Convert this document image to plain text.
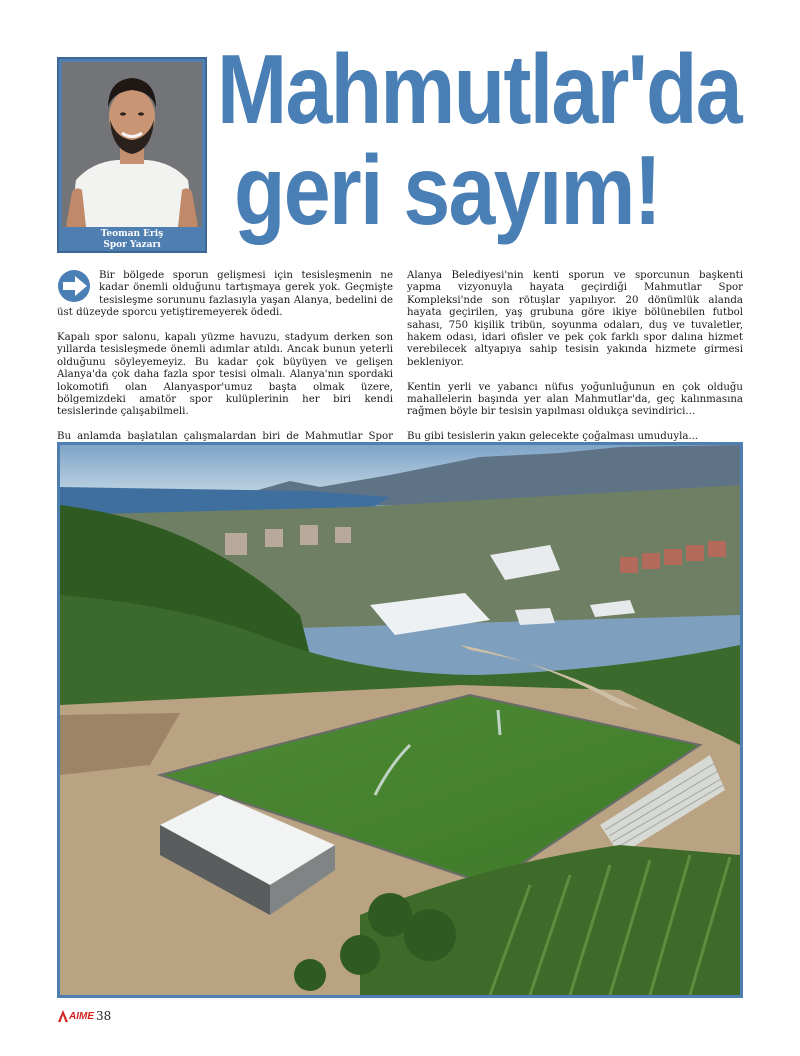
Teoman Eriş
Spor Yazarı
Mahmutlar'da
geri sayım!

Bir bölgede sporun gelişmesi için tesisleşmenin ne kadar önemli olduğunu tartışmaya gerek yok. Geçmişte tesisleşme sorununu fazlasıyla yaşan Alanya, bedelini de üst düzeyde sporcu yetiştiremeyerek ödedi.

Kapalı spor salonu, kapalı yüzme havuzu, stadyum derken son yıllarda tesisleşmede önemli adımlar atıldı. Ancak bunun yeterli olduğunu söyleyemeyiz. Bu kadar çok büyüyen ve gelişen Alanya'da çok daha fazla spor tesisi olmalı. Alanya'nın spordaki lokomotifi olan Alanyaspor'umuz başta olmak üzere, bölgemizdeki amatör spor kulüplerinin her biri kendi tesislerinde çalışabilmeli.

Bu anlamda başlatılan çalışmalardan biri de Mahmutlar Spor

Alanya Belediyesi'nin kenti sporun ve sporcunun başkenti yapma vizyonuyla hayata geçirdiği Mahmutlar Spor Kompleksi'nde son rötuşlar yapılıyor. 20 dönümlük alanda hayata geçirilen, yaş grubuna göre ikiye bölünebilen futbol sahası, 750 kişilik tribün, soyunma odaları, duş ve tuvaletler, hakem odası, idari ofisler ve pek çok farklı spor dalına hizmet verebilecek altyapıya sahip tesisin yakında hizmete girmesi bekleniyor.

Kentin yerli ve yabancı nüfus yoğunluğunun en çok olduğu mahallelerin başında yer alan Mahmutlar'da, geç kalınmasına rağmen böyle bir tesisin yapılması oldukça sevindirici...

Bu gibi tesislerin yakın gelecekte çoğalması umuduyla...

AIME 38
